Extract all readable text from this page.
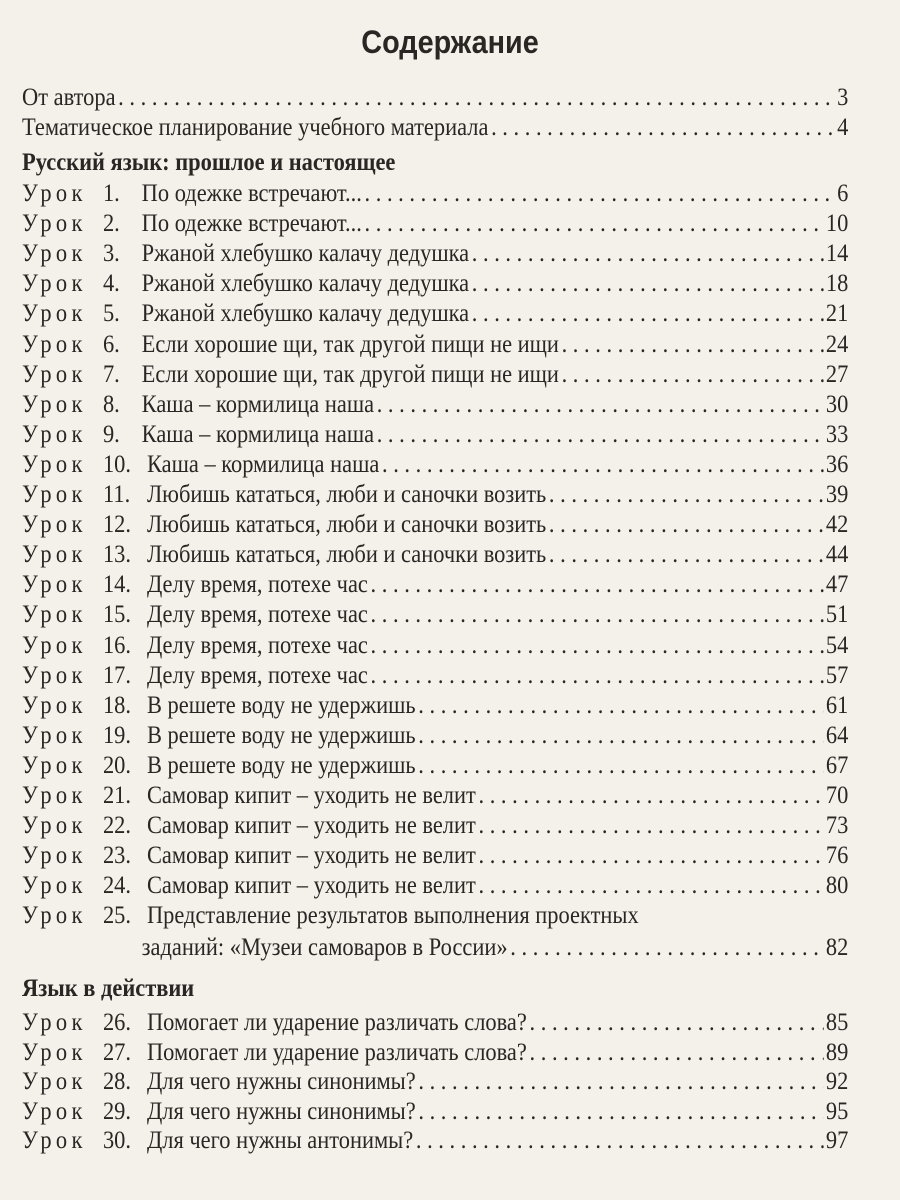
Содержание
От автора . . .	3
Тематическое планирование учебного материала . . .	4
Русский язык: прошлое и настоящее
Урок 1. По одежке встречают... . . .	6
Урок 2. По одежке встречают... . . .	10
Урок 3. Ржаной хлебушко калачу дедушка . . .	14
Урок 4. Ржаной хлебушко калачу дедушка . . .	18
Урок 5. Ржаной хлебушко калачу дедушка . . .	21
Урок 6. Если хорошие щи, так другой пищи не ищи . . .	24
Урок 7. Если хорошие щи, так другой пищи не ищи . . .	27
Урок 8. Каша – кормилица наша . . .	30
Урок 9. Каша – кормилица наша . . .	33
Урок 10. Каша – кормилица наша . . .	36
Урок 11. Любишь кататься, люби и саночки возить . . .	39
Урок 12. Любишь кататься, люби и саночки возить . . .	42
Урок 13. Любишь кататься, люби и саночки возить . . .	44
Урок 14. Делу время, потехе час . . .	47
Урок 15. Делу время, потехе час . . .	51
Урок 16. Делу время, потехе час . . .	54
Урок 17. Делу время, потехе час . . .	57
Урок 18. В решете воду не удержишь . . .	61
Урок 19. В решете воду не удержишь . . .	64
Урок 20. В решете воду не удержишь . . .	67
Урок 21. Самовар кипит – уходить не велит . . .	70
Урок 22. Самовар кипит – уходить не велит . . .	73
Урок 23. Самовар кипит – уходить не велит . . .	76
Урок 24. Самовар кипит – уходить не велит . . .	80
Урок 25. Представление результатов выполнения проектных
заданий: «Музеи самоваров в России» . . .	82
Язык в действии
Урок 26. Помогает ли ударение различать слова? . . .	85
Урок 27. Помогает ли ударение различать слова? . . .	89
Урок 28. Для чего нужны синонимы? . . .	92
Урок 29. Для чего нужны синонимы? . . .	95
Урок 30. Для чего нужны антонимы? . . .	97
